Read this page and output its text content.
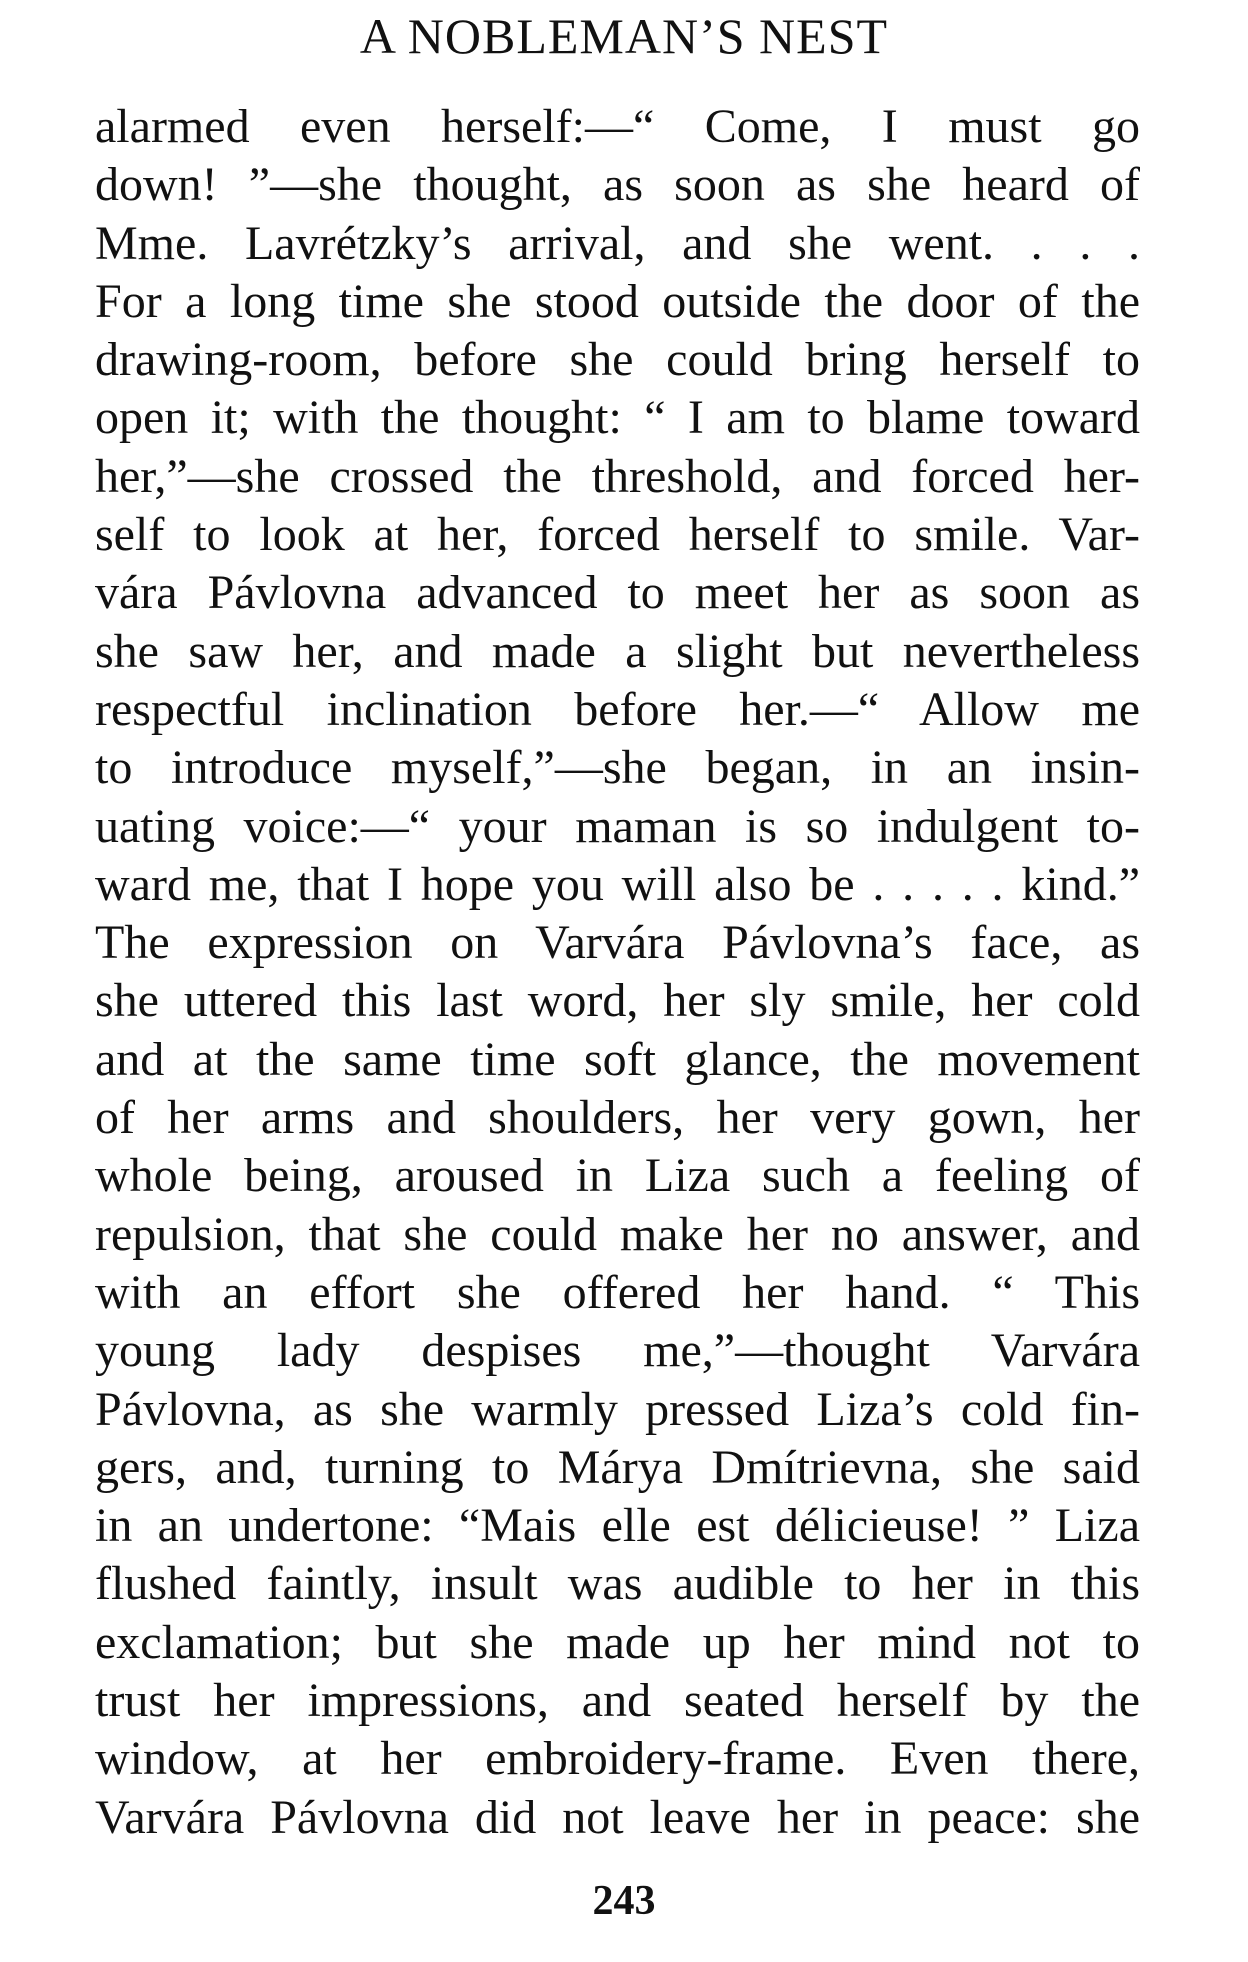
A NOBLEMAN’S NEST
alarmed even herself:—“ Come, I must go
down! ”—she thought, as soon as she heard of
Mme. Lavrétzky’s arrival, and she went. . . .
For a long time she stood outside the door of the
drawing-room, before she could bring herself to
open it; with the thought: “ I am to blame toward
her,”—she crossed the threshold, and forced her-
self to look at her, forced herself to smile. Var-
vára Pávlovna advanced to meet her as soon as
she saw her, and made a slight but nevertheless
respectful inclination before her.—“ Allow me
to introduce myself,”—she began, in an insin-
uating voice:—“ your maman is so indulgent to-
ward me, that I hope you will also be . . . . . kind.”
The expression on Varvára Pávlovna’s face, as
she uttered this last word, her sly smile, her cold
and at the same time soft glance, the movement
of her arms and shoulders, her very gown, her
whole being, aroused in Liza such a feeling of
repulsion, that she could make her no answer, and
with an effort she offered her hand. “ This
young lady despises me,”—thought Varvára
Pávlovna, as she warmly pressed Liza’s cold fin-
gers, and, turning to Márya Dmítrievna, she said
in an undertone: “Mais elle est délicieuse! ” Liza
flushed faintly, insult was audible to her in this
exclamation; but she made up her mind not to
trust her impressions, and seated herself by the
window, at her embroidery-frame. Even there,
Varvára Pávlovna did not leave her in peace: she
243
